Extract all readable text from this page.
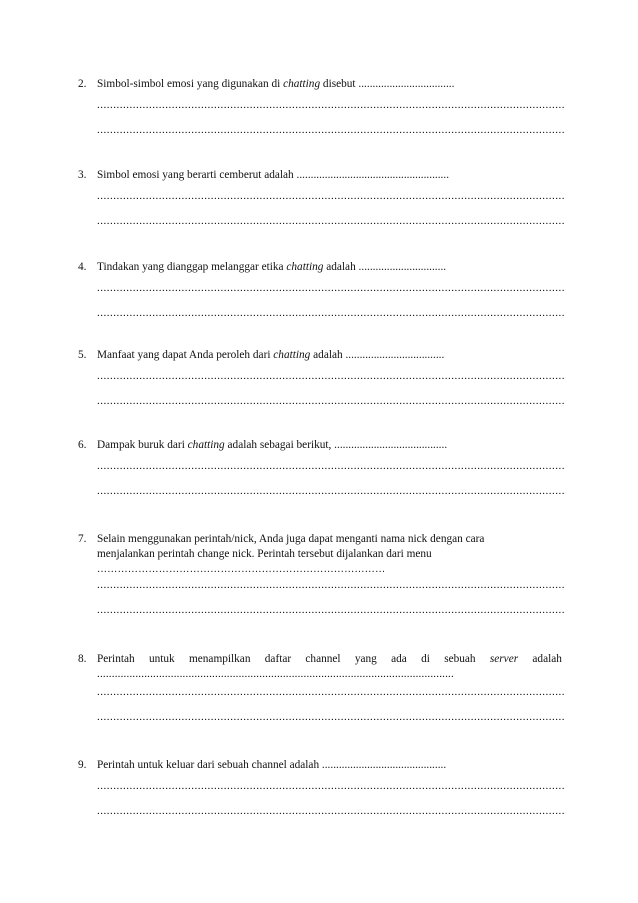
2. Simbol-simbol emosi yang digunakan di chatting disebut ..................................
................................................................................................................................................
................................................................................................................................................
3. Simbol emosi yang berarti cemberut adalah ......................................................
................................................................................................................................................
................................................................................................................................................
4. Tindakan yang dianggap melanggar etika chatting adalah ...............................
................................................................................................................................................
................................................................................................................................................
5. Manfaat yang dapat Anda peroleh dari chatting adalah ...................................
................................................................................................................................................
................................................................................................................................................
6. Dampak buruk dari chatting adalah sebagai berikut, ........................................
................................................................................................................................................
................................................................................................................................................
7. Selain menggunakan perintah/nick, Anda juga dapat menganti nama nick dengan cara
menjalankan perintah change nick. Perintah tersebut dijalankan dari menu
…………………………………………………………………………
................................................................................................................................................
................................................................................................................................................
8. Perintah untuk menampilkan daftar channel yang ada di sebuah server adalah
.........................................................................................................................
................................................................................................................................................
................................................................................................................................................
9. Perintah untuk keluar dari sebuah channel adalah ............................................
................................................................................................................................................
................................................................................................................................................
